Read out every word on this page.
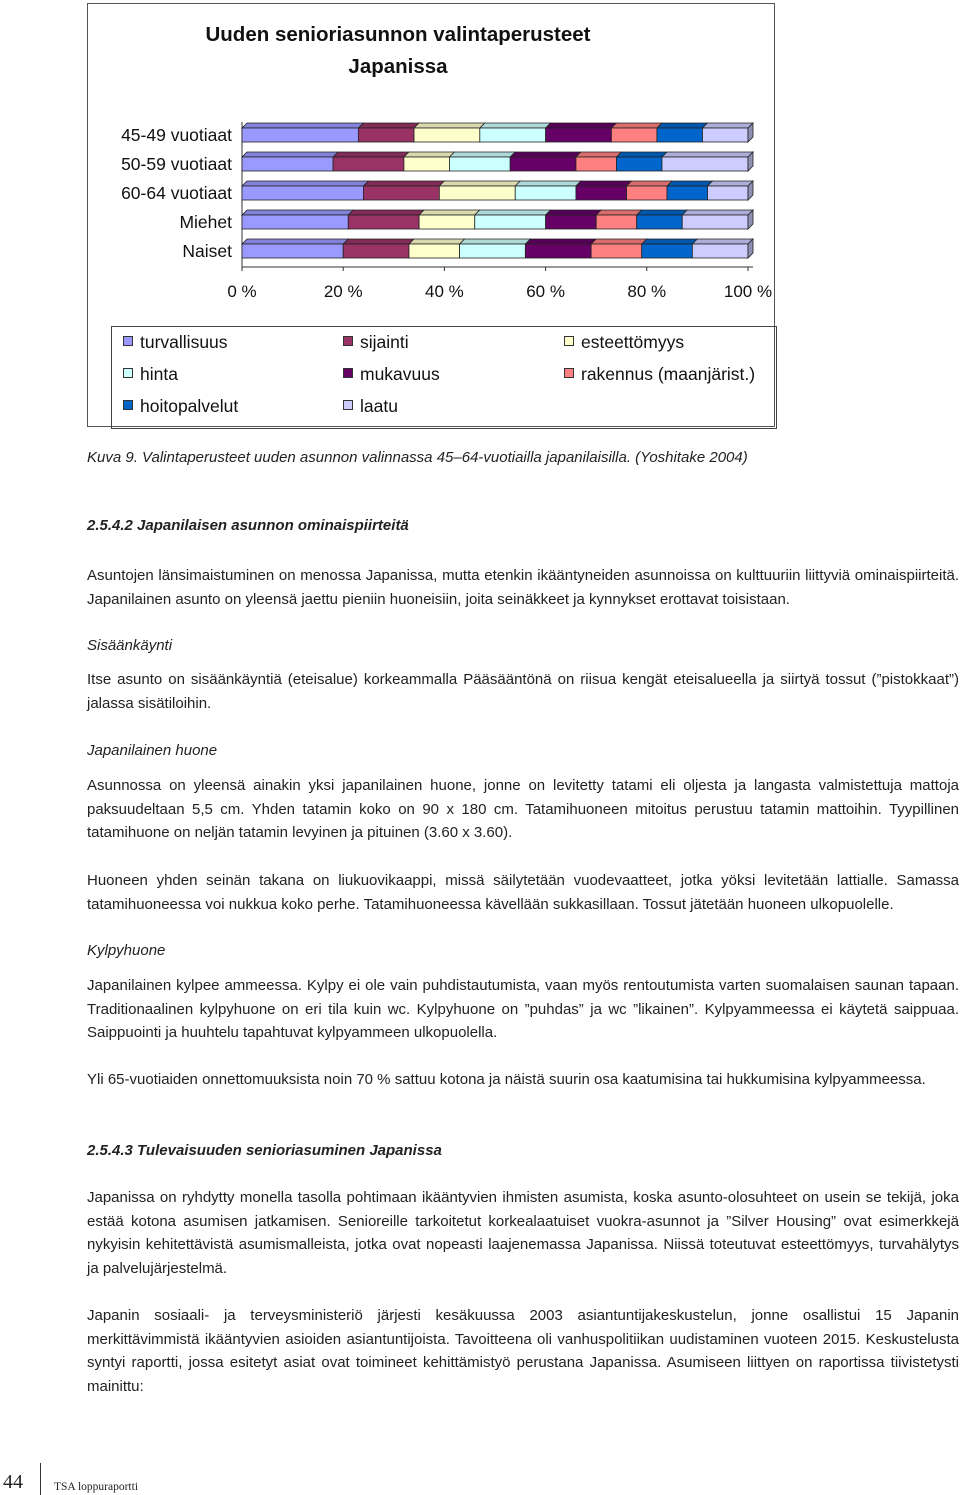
Uuden senioriasunnon valintaperusteet
Japanissa
0 %	20 %	40 %	60 %	80 %	100 %
45-49 vuotiaat
50-59 vuotiaat
60-64 vuotiaat
Miehet
Naiset
turvallisuus	sijainti	esteettömyys
hinta	mukavuus	rakennus (maanjärist.)
hoitopalvelut	laatu

Kuva 9. Valintaperusteet uuden asunnon valinnassa 45–64-vuotiailla japanilaisilla. (Yoshitake 2004)

2.5.4.2 Japanilaisen asunnon ominaispiirteitä

Asuntojen länsimaistuminen on menossa Japanissa, mutta etenkin ikääntyneiden asunnoissa on kulttuuriin liittyviä ominaispiirteitä. Japanilainen asunto on yleensä jaettu pieniin huoneisiin, joita seinäkkeet ja kynnykset erottavat toisistaan.

Sisäänkäynti

Itse asunto on sisäänkäyntiä (eteisalue) korkeammalla Pääsääntönä on riisua kengät eteisalueella ja siirtyä tossut (”pistokkaat”) jalassa sisätiloihin.

Japanilainen huone

Asunnossa on yleensä ainakin yksi japanilainen huone, jonne on levitetty tatami eli oljesta ja langasta valmistettuja mattoja paksuudeltaan 5,5 cm. Yhden tatamin koko on 90 x 180 cm. Tatamihuoneen mitoitus perustuu tatamin mattoihin. Tyypillinen tatamihuone on neljän tatamin levyinen ja pituinen (3.60 x 3.60).

Huoneen yhden seinän takana on liukuovikaappi, missä säilytetään vuodevaatteet, jotka yöksi levitetään lattialle. Samassa tatamihuoneessa voi nukkua koko perhe. Tatamihuoneessa kävellään sukkasillaan. Tossut jätetään huoneen ulkopuolelle.

Kylpyhuone

Japanilainen kylpee ammeessa. Kylpy ei ole vain puhdistautumista, vaan myös rentoutumista varten suomalaisen saunan tapaan. Traditionaalinen kylpyhuone on eri tila kuin wc. Kylpyhuone on ”puhdas” ja wc ”likainen”. Kylpyammeessa ei käytetä saippuaa. Saippuointi ja huuhtelu tapahtuvat kylpyammeen ulkopuolella.

Yli 65-vuotiaiden onnettomuuksista noin 70 % sattuu kotona ja näistä suurin osa kaatumisina tai hukkumisina kylpyammeessa.

2.5.4.3 Tulevaisuuden senioriasuminen Japanissa

Japanissa on ryhdytty monella tasolla pohtimaan ikääntyvien ihmisten asumista, koska asunto-olosuhteet on usein se tekijä, joka estää kotona asumisen jatkamisen. Senioreille tarkoitetut korkealaatuiset vuokra-asunnot ja ”Silver Housing” ovat esimerkkejä nykyisin kehitettävistä asumismalleista, jotka ovat nopeasti laajenemassa Japanissa. Niissä toteutuvat esteettömyys, turvahälytys ja palvelujärjestelmä.

Japanin sosiaali- ja terveysministeriö järjesti kesäkuussa 2003 asiantuntijakeskustelun, jonne osallistui 15 Japanin merkittävimmistä ikääntyvien asioiden asiantuntijoista. Tavoitteena oli vanhuspolitiikan uudistaminen vuoteen 2015. Keskustelusta syntyi raportti, jossa esitetyt asiat ovat toimineet kehittämistyö perustana Japanissa. Asumiseen liittyen on raportissa tiivistetysti mainittu:

44	TSA loppuraportti
